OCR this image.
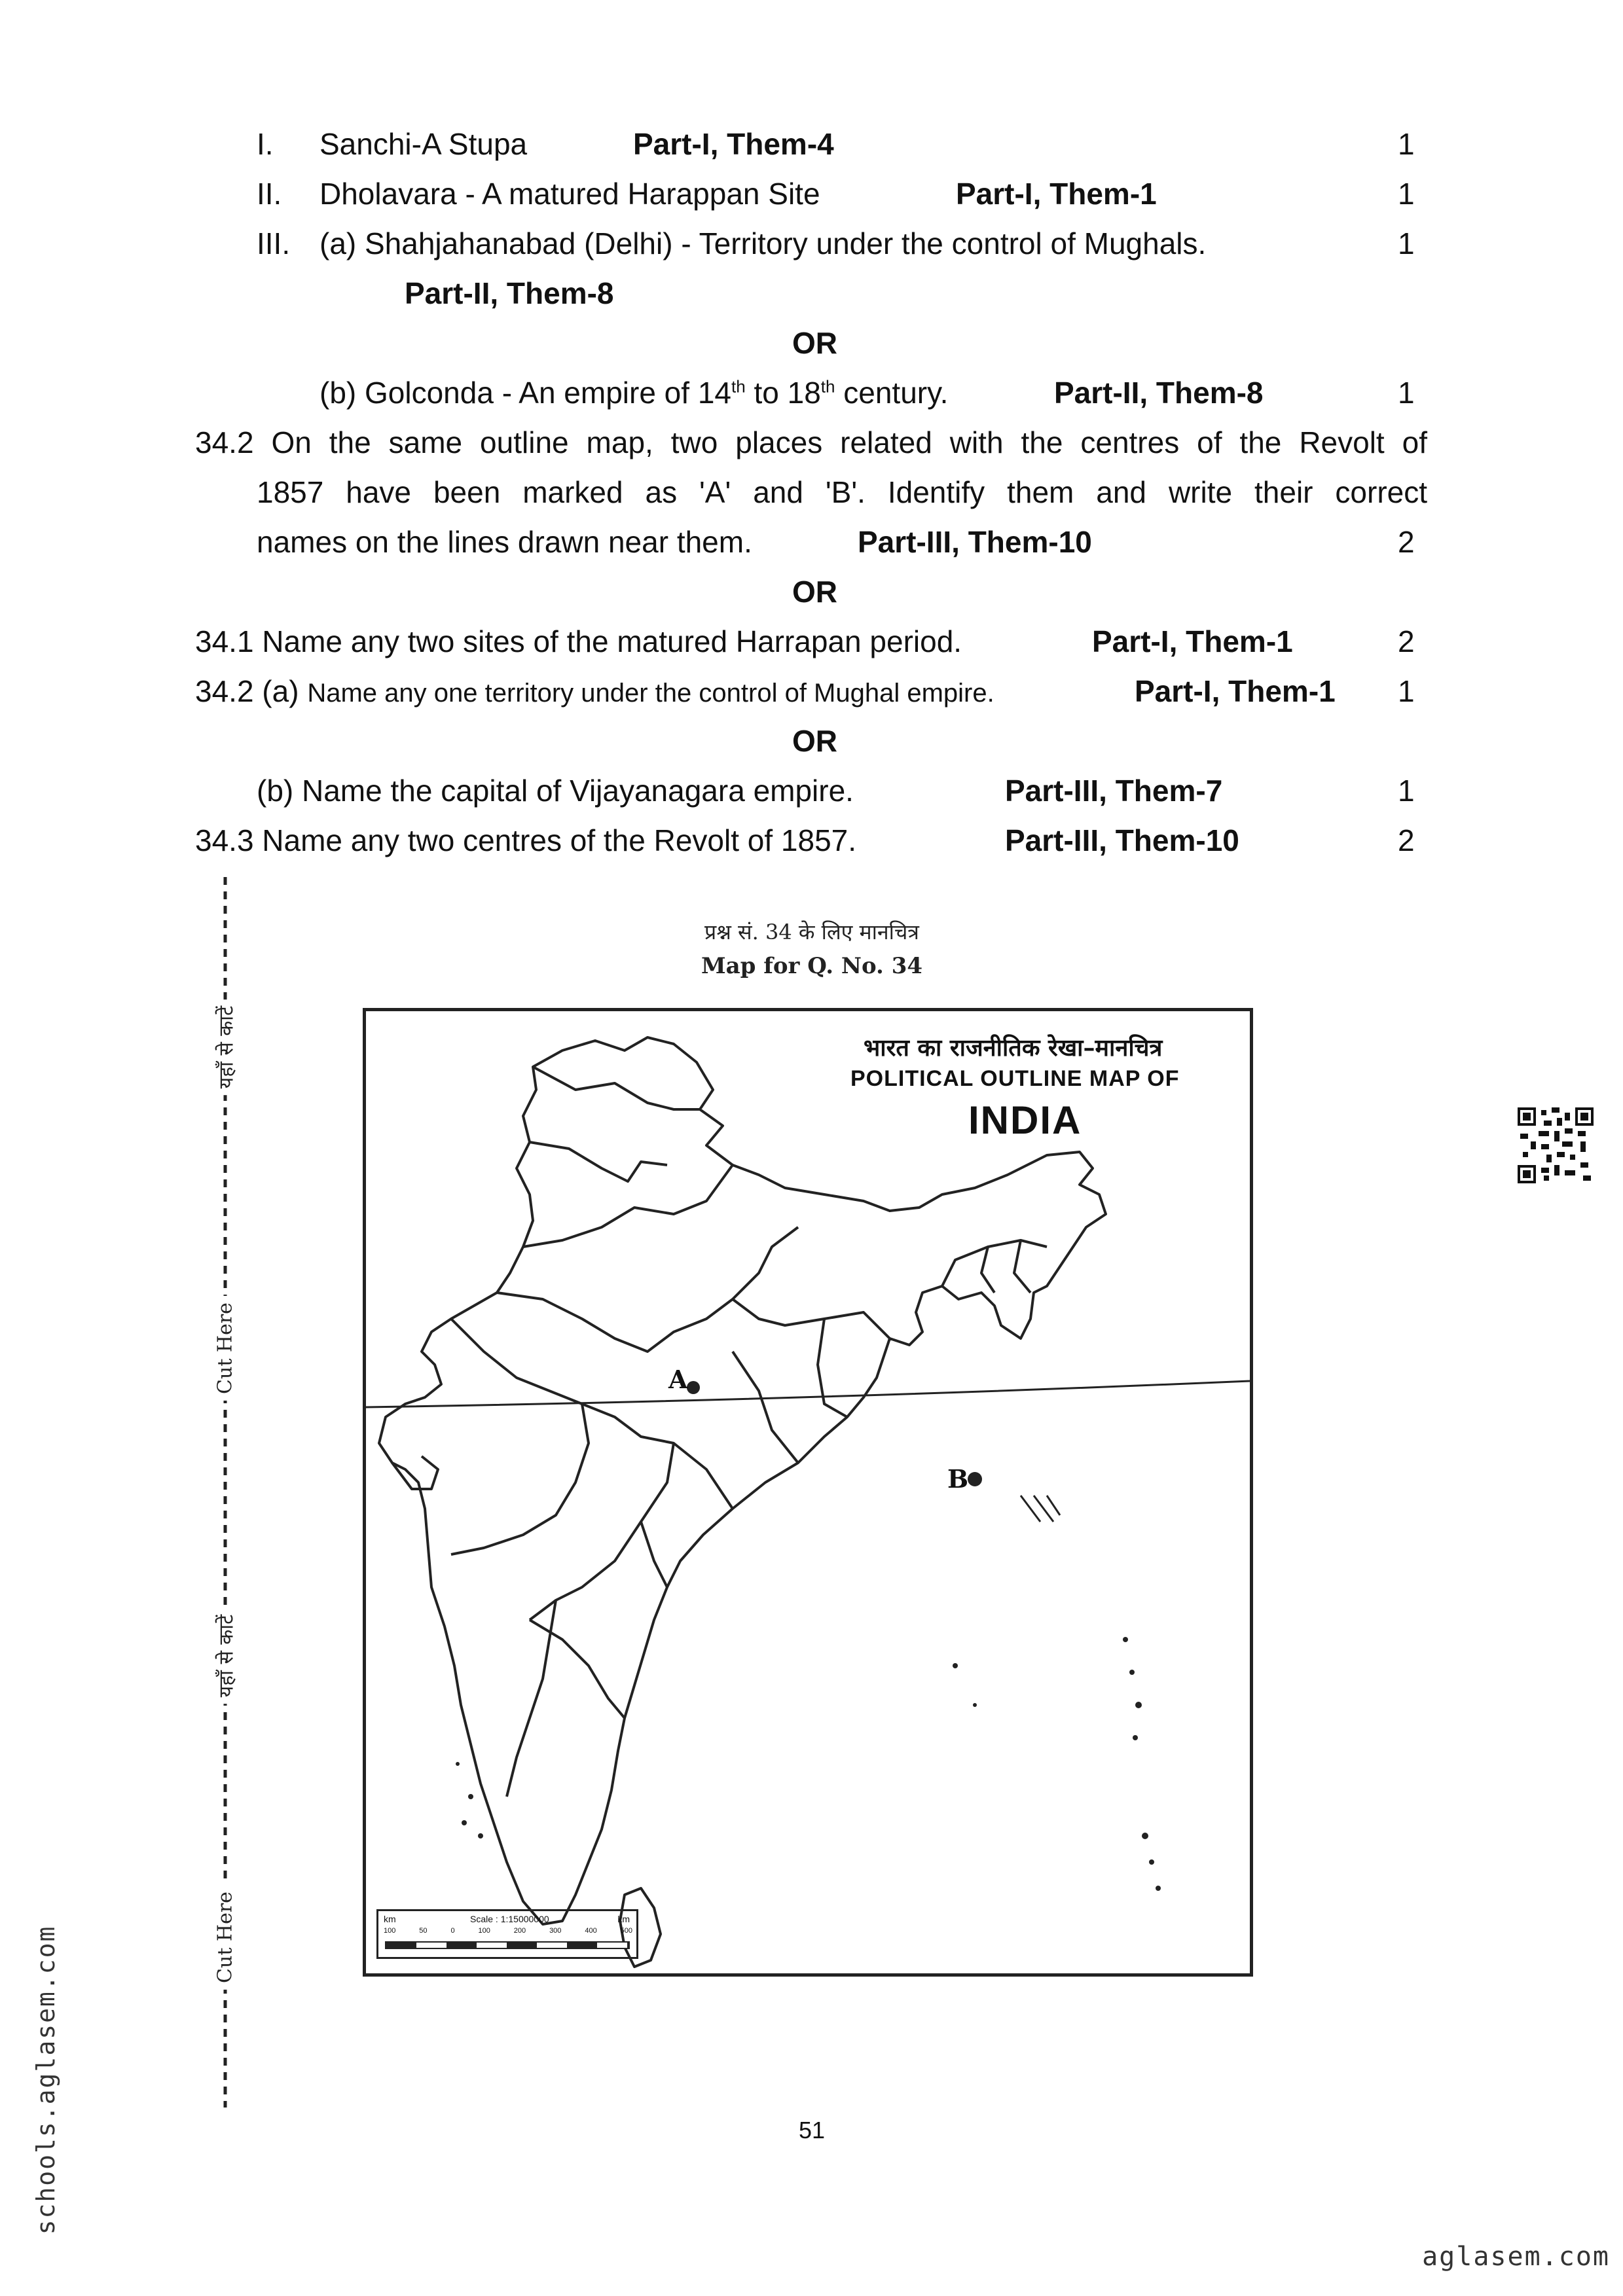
I. Sanchi-A Stupa	Part-I, Them-4	1
II. Dholavara - A matured Harappan Site	Part-I, Them-1	1
III. (a) Shahjahanabad (Delhi) - Territory under the control of Mughals.	1
Part-II, Them-8
OR
(b) Golconda - An empire of 14th to 18th century.	Part-II, Them-8	1
34.2 On the same outline map, two places related with the centres of the Revolt of
1857 have been marked as 'A' and 'B'. Identify them and write their correct
names on the lines drawn near them.	Part-III, Them-10	2
OR
34.1 Name any two sites of the matured Harrapan period.	Part-I, Them-1	2
34.2 (a) Name any one territory under the control of Mughal empire.	Part-I, Them-1 1
OR
(b) Name the capital of Vijayanagara empire.	Part-III, Them-7	1
34.3 Name any two centres of the Revolt of 1857.	Part-III, Them-10	2
यहाँ से काटें
Cut Here
यहाँ से काटें
Cut Here
प्रश्न सं. 34 के लिए मानचित्र
Map for Q. No. 34
भारत का राजनीतिक रेखा–मानचित्र
POLITICAL OUTLINE MAP OF
INDIA
A
B
km	Scale : 1:15000000	km
100	50	0	100	200	300	400	500
51
schools.aglasem.com
aglasem.com
